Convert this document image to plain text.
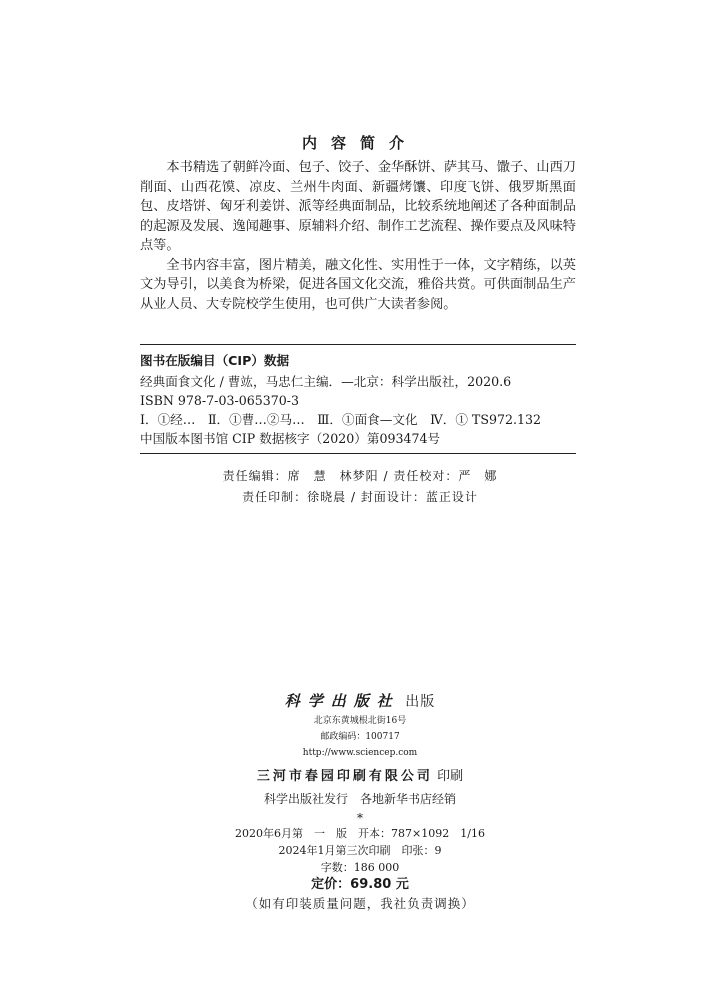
内容简介

本书精选了朝鲜冷面、包子、饺子、金华酥饼、萨其马、馓子、山西刀削面、山西花馍、凉皮、兰州牛肉面、新疆烤馕、印度飞饼、俄罗斯黑面包、皮塔饼、匈牙利姜饼、派等经典面制品，比较系统地阐述了各种面制品的起源及发展、逸闻趣事、原辅料介绍、制作工艺流程、操作要点及风味特点等。

全书内容丰富，图片精美，融文化性、实用性于一体，文字精练，以英文为导引，以美食为桥梁，促进各国文化交流，雅俗共赏。可供面制品生产从业人员、大专院校学生使用，也可供广大读者参阅。

图书在版编目（CIP）数据
经典面食文化 / 曹竑，马忠仁主编．—北京：科学出版社，2020.6
ISBN 978-7-03-065370-3
Ⅰ．①经…　Ⅱ．①曹…②马…　Ⅲ．①面食—文化　Ⅳ．① TS972.132
中国版本图书馆 CIP 数据核字（2020）第093474号
责任编辑：席　慧　林梦阳 / 责任校对：严　娜
责任印制：徐晓晨 / 封面设计：蓝正设计
科学出版社 出版
北京东黄城根北街16号
邮政编码：100717
http://www.sciencep.com
三河市春园印刷有限公司 印刷
科学出版社发行　各地新华书店经销
*
2020年6月第　一　版　开本：787×1092　1/16
2024年1月第三次印刷　印张：9
字数：186 000
定价：69.80 元
（如有印装质量问题，我社负责调换）
